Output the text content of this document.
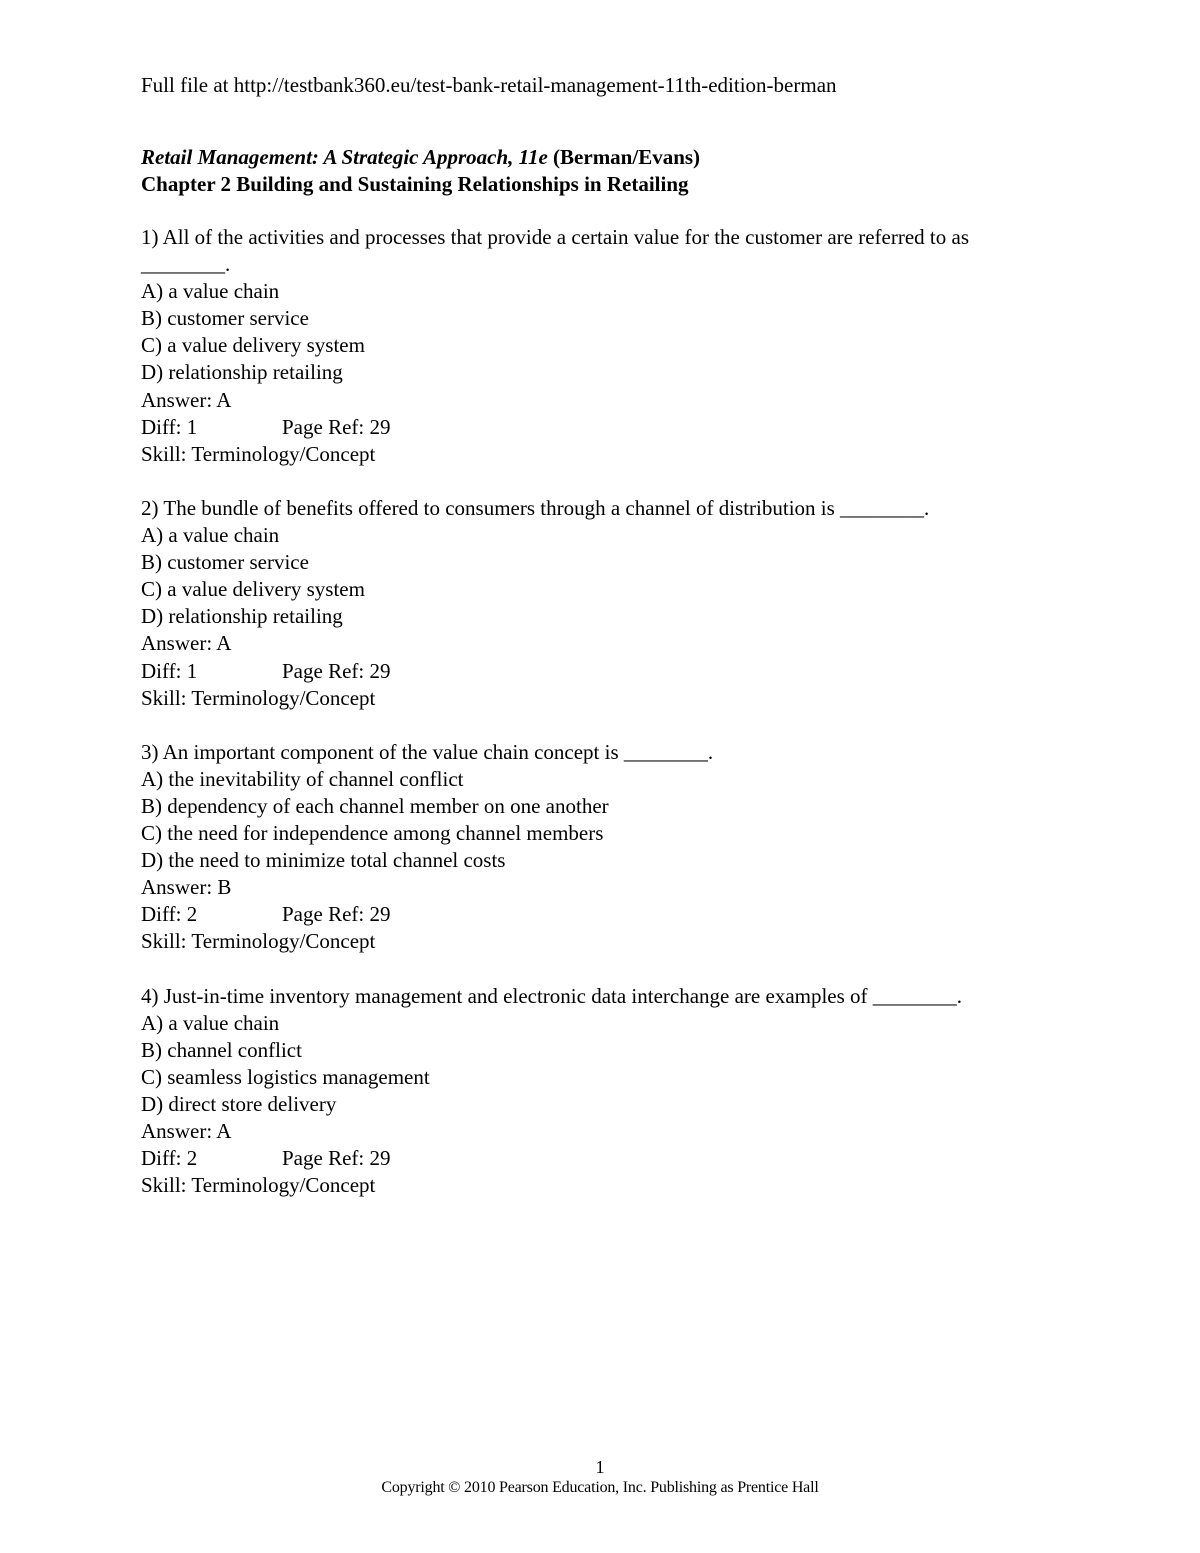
Full file at http://testbank360.eu/test-bank-retail-management-11th-edition-berman
Retail Management: A Strategic Approach, 11e (Berman/Evans)
Chapter 2 Building and Sustaining Relationships in Retailing

1) All of the activities and processes that provide a certain value for the customer are referred to as ________.

A) a value chain

B) customer service

C) a value delivery system

D) relationship retailing

Answer: A

Diff: 1	Page Ref: 29

Skill: Terminology/Concept

2) The bundle of benefits offered to consumers through a channel of distribution is ________.

A) a value chain

B) customer service

C) a value delivery system

D) relationship retailing

Answer: A

Diff: 1	Page Ref: 29

Skill: Terminology/Concept

3) An important component of the value chain concept is ________.

A) the inevitability of channel conflict

B) dependency of each channel member on one another

C) the need for independence among channel members

D) the need to minimize total channel costs

Answer: B

Diff: 2	Page Ref: 29

Skill: Terminology/Concept

4) Just-in-time inventory management and electronic data interchange are examples of ________.

A) a value chain

B) channel conflict

C) seamless logistics management

D) direct store delivery

Answer: A

Diff: 2	Page Ref: 29

Skill: Terminology/Concept

1
Copyright © 2010 Pearson Education, Inc. Publishing as Prentice Hall
